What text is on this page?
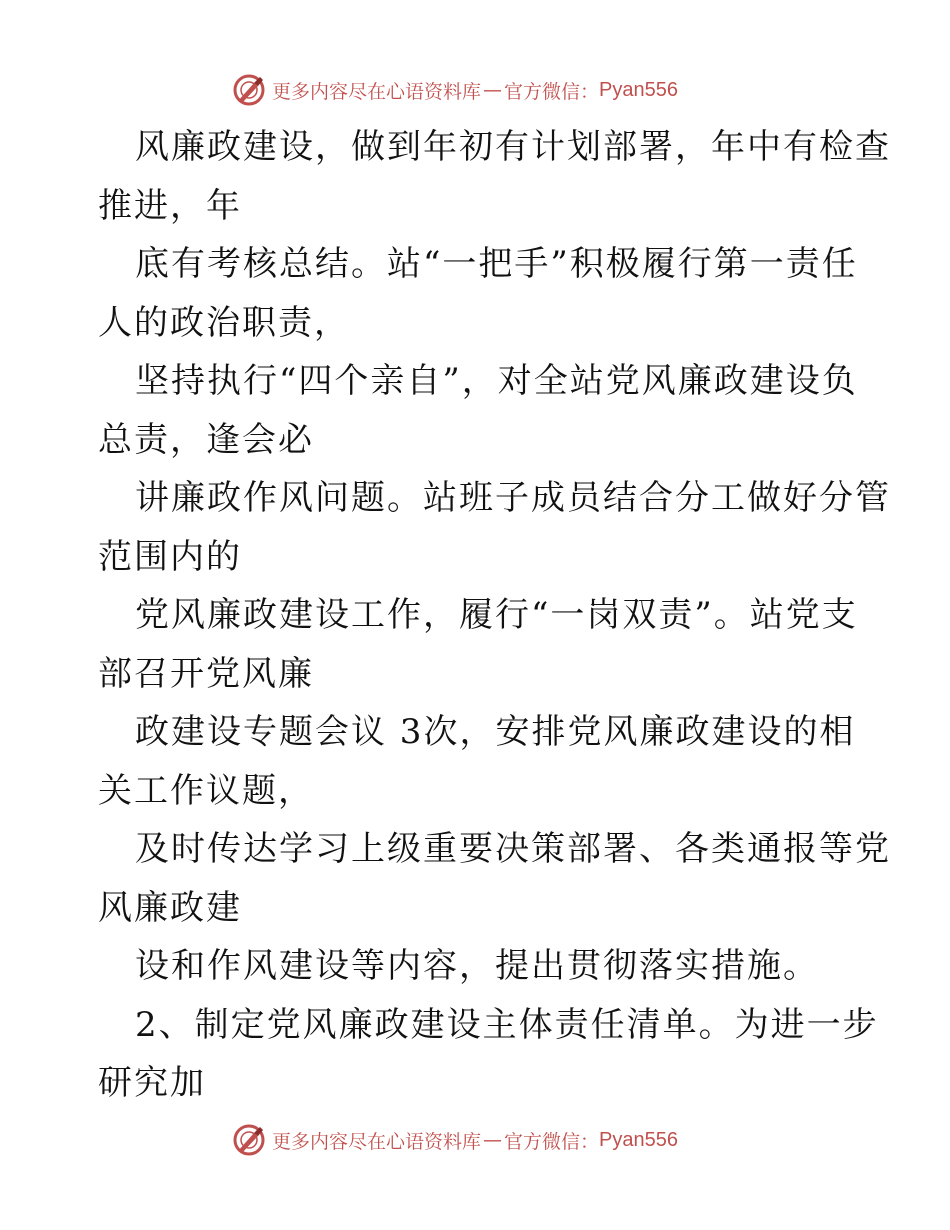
更多内容尽在心语资料库 — 官方微信： Pyan556
风廉政建设，做到年初有计划部署，年中有检查
推进，年
底有考核总结。站“一把手”积极履行第一责任
人的政治职责，
坚持执行“四个亲自”，对全站党风廉政建设负
总责，逢会必
讲廉政作风问题。站班子成员结合分工做好分管
范围内的
党风廉政建设工作，履行“一岗双责”。站党支
部召开党风廉
政建设专题会议 3次，安排党风廉政建设的相
关工作议题，
及时传达学习上级重要决策部署、各类通报等党
风廉政建
设和作风建设等内容，提出贯彻落实措施。
2、制定党风廉政建设主体责任清单。为进一步
研究加
更多内容尽在心语资料库 — 官方微信： Pyan556
